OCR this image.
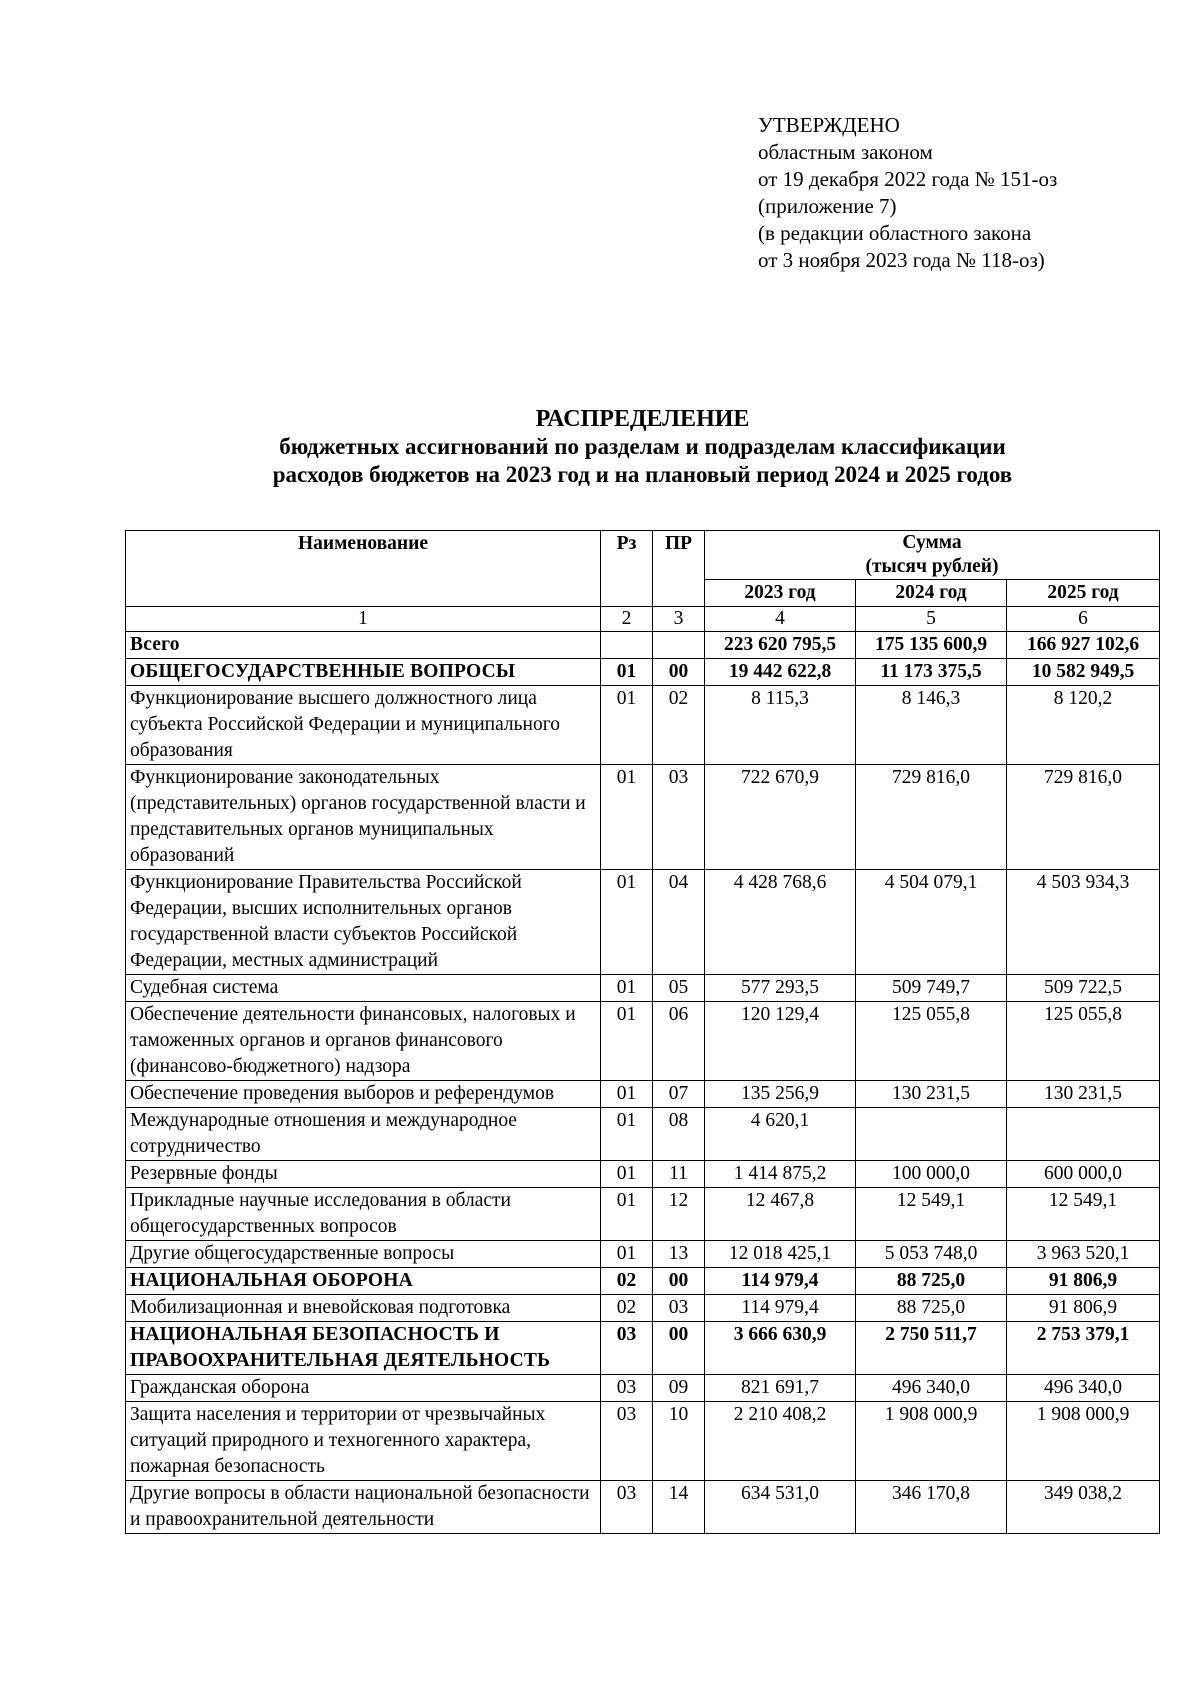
УТВЕРЖДЕНО
областным законом
от 19 декабря 2022 года № 151-оз
(приложение 7)
(в редакции областного закона
от 3 ноября 2023 года № 118-оз)
РАСПРЕДЕЛЕНИЕ
бюджетных ассигнований по разделам и подразделам классификации
расходов бюджетов на 2023 год и на плановый период 2024 и 2025 годов
Наименование	Рз	ПР	Сумма
(тысяч рублей)		

			2023 год	2024 год	2025 год
1	2	3	4	5	6
Всего			223 620 795,5	175 135 600,9	166 927 102,6
ОБЩЕГОСУДАРСТВЕННЫЕ ВОПРОСЫ	01	00	19 442 622,8	11 173 375,5	10 582 949,5
Функционирование высшего должностного лица субъекта Российской Федерации и муниципального образования	01	02	8 115,3	8 146,3	8 120,2
Функционирование законодательных (представительных) органов государственной власти и представительных органов муниципальных образований	01	03	722 670,9	729 816,0	729 816,0
Функционирование Правительства Российской Федерации, высших исполнительных органов государственной власти субъектов Российской Федерации, местных администраций	01	04	4 428 768,6	4 504 079,1	4 503 934,3
Судебная система	01	05	577 293,5	509 749,7	509 722,5
Обеспечение деятельности финансовых, налоговых и таможенных органов и органов финансового (финансово-бюджетного) надзора	01	06	120 129,4	125 055,8	125 055,8
Обеспечение проведения выборов и референдумов	01	07	135 256,9	130 231,5	130 231,5
Международные отношения и международное сотрудничество	01	08	4 620,1		
Резервные фонды	01	11	1 414 875,2	100 000,0	600 000,0
Прикладные научные исследования в области общегосударственных вопросов	01	12	12 467,8	12 549,1	12 549,1
Другие общегосударственные вопросы	01	13	12 018 425,1	5 053 748,0	3 963 520,1
НАЦИОНАЛЬНАЯ ОБОРОНА	02	00	114 979,4	88 725,0	91 806,9
Мобилизационная и вневойсковая подготовка	02	03	114 979,4	88 725,0	91 806,9
НАЦИОНАЛЬНАЯ БЕЗОПАСНОСТЬ И ПРАВООХРАНИТЕЛЬНАЯ ДЕЯТЕЛЬНОСТЬ	03	00	3 666 630,9	2 750 511,7	2 753 379,1
Гражданская оборона	03	09	821 691,7	496 340,0	496 340,0
Защита населения и территории от чрезвычайных ситуаций природного и техногенного характера, пожарная безопасность	03	10	2 210 408,2	1 908 000,9	1 908 000,9
Другие вопросы в области национальной безопасности и правоохранительной деятельности	03	14	634 531,0	346 170,8	349 038,2
